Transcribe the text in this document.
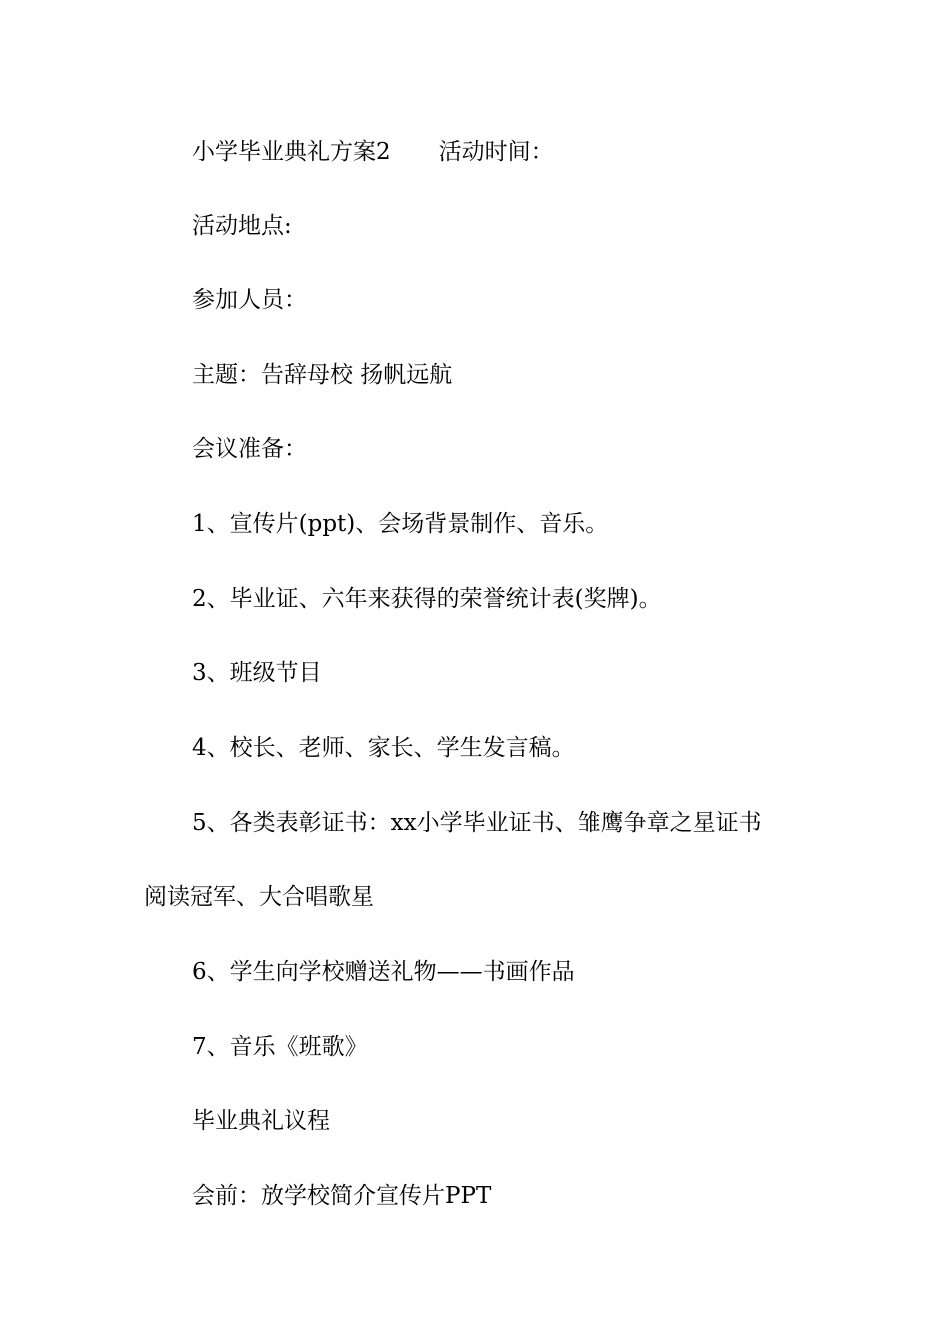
小学毕业典礼方案2 活动时间：
活动地点:
参加人员：
主题：告辞母校 扬帆远航
会议准备：
1、宣传片(ppt)、会场背景制作、音乐。
2、毕业证、六年来获得的荣誉统计表(奖牌)。
3、班级节目
4、校长、老师、家长、学生发言稿。
5、各类表彰证书：xx小学毕业证书、雏鹰争章之星证书
阅读冠军、大合唱歌星
6、学生向学校赠送礼物——书画作品
7、音乐《班歌》
毕业典礼议程
会前：放学校简介宣传片PPT
